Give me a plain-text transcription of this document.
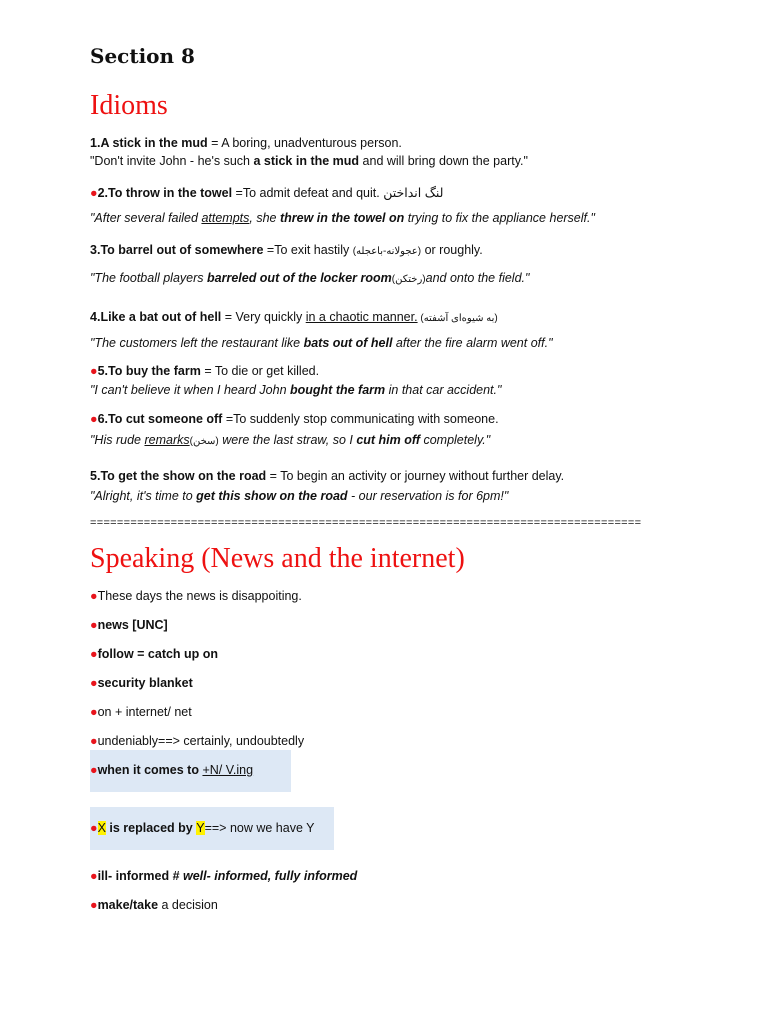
Section 8
Idioms
1.A stick in the mud = A boring, unadventurous person.
"Don't invite John - he's such a stick in the mud and will bring down the party."
●2.To throw in the towel =To admit defeat and quit. لنگ انداختن
"After several failed attempts, she threw in the towel on trying to fix the appliance herself."
3.To barrel out of somewhere =To exit hastily (عجولانه-باعجله) or roughly.
"The football players barreled out of the locker room(رختکن)and onto the field."
4.Like a bat out of hell = Very quickly in a chaotic manner. (به شیوه‌ای آشفته)
"The customers left the restaurant like bats out of hell after the fire alarm went off."
●5.To buy the farm = To die or get killed.
"I can't believe it when I heard John bought the farm in that car accident."
●6.To cut someone off =To suddenly stop communicating with someone.
"His rude remarks(سخن) were the last straw, so I cut him off completely."
5.To get the show on the road = To begin an activity or journey without further delay.
"Alright, it's time to get this show on the road - our reservation is for 6pm!"
==================================================================================
Speaking (News and the internet)
●These days the news is disappoiting.
●news [UNC]
●follow = catch up on
●security blanket
●on + internet/ net
●undeniably==> certainly, undoubtedly
●when it comes to +N/ V.ing
●X is replaced by Y==> now we have Y
●ill- informed # well- informed, fully informed
●make/take a decision
